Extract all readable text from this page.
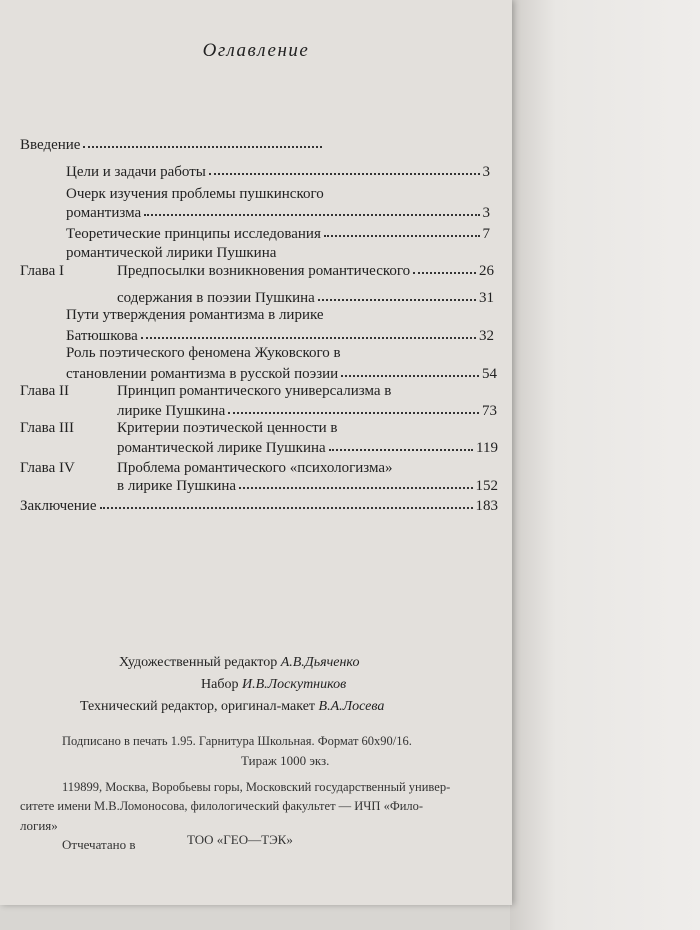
Оглавление
Введение
Цели и задачи работы	3
Очерк изучения проблемы пушкинского
романтизма	3
Теоретические принципы исследования	7
романтической лирики Пушкина
Глава I	Предпосылки возникновения романтического	26
содержания в поэзии Пушкина	31
Пути утверждения романтизма в лирике
Батюшкова	32
Роль поэтического феномена Жуковского в
становлении романтизма в русской поэзии	54
Глава II	Принцип романтического универсализма в
лирике Пушкина	73
Глава III	Критерии поэтической ценности в
романтической лирике Пушкина	119
Глава IV	Проблема романтического «психологизма»
в лирике Пушкина	152
Заключение	183
Художественный редактор А.В.Дьяченко
Набор И.В.Лоскутников
Технический редактор, оригинал-макет В.А.Лосева
Подписано в печать 1.95. Гарнитура Школьная. Формат 60х90/16.
Тираж 1000 экз.
119899, Москва, Воробьевы горы, Московский государственный универ-
ситете имени М.В.Ломоносова, филологический факультет — ИЧП «Фило-
логия»
Отчечатано в	ТОО «ГЕО—ТЭК»
